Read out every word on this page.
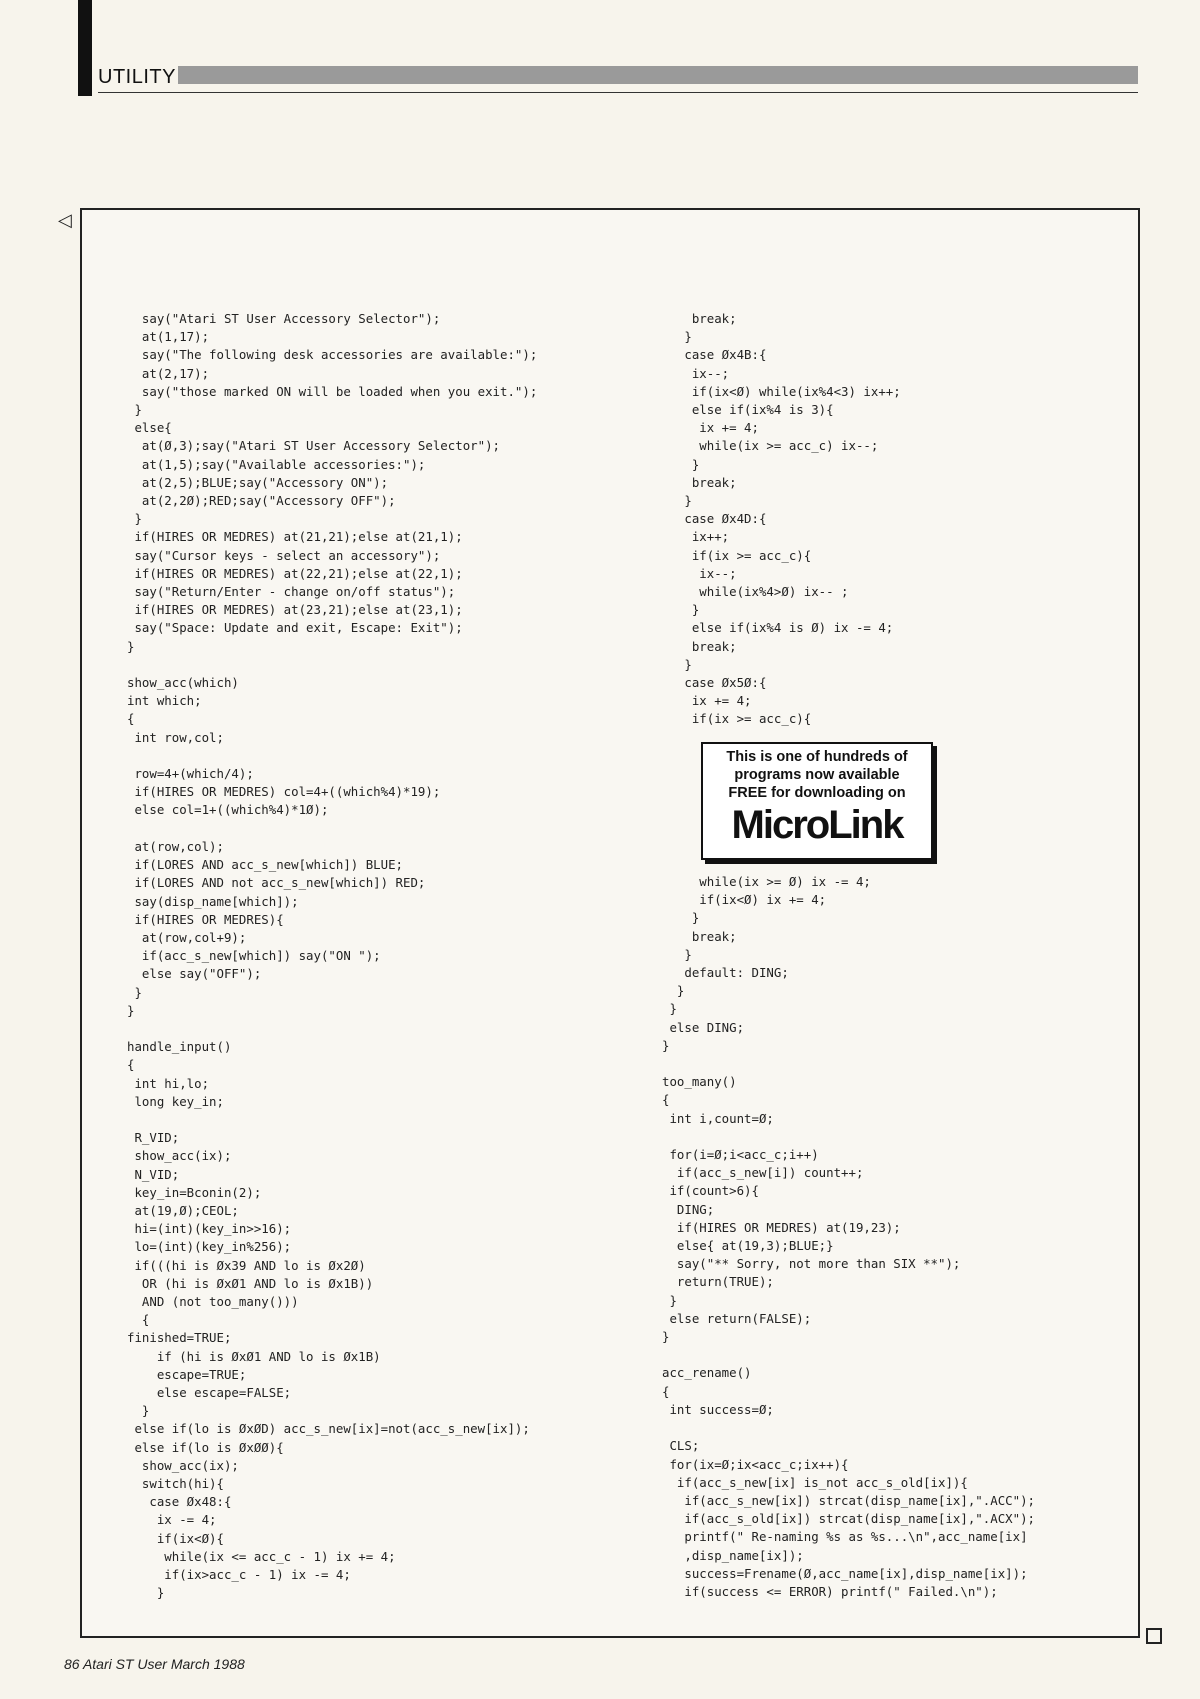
UTILITY
◁
say("Atari ST User Accessory Selector");
at(1,17);
say("The following desk accessories are available:");
at(2,17);
say("those marked ON will be loaded when you exit.");
}
else{
at(Ø,3);say("Atari ST User Accessory Selector");
at(1,5);say("Available accessories:");
at(2,5);BLUE;say("Accessory ON");
at(2,2Ø);RED;say("Accessory OFF");
}
if(HIRES OR MEDRES) at(21,21);else at(21,1);
say("Cursor keys - select an accessory");
if(HIRES OR MEDRES) at(22,21);else at(22,1);
say("Return/Enter - change on/off status");
if(HIRES OR MEDRES) at(23,21);else at(23,1);
say("Space: Update and exit, Escape: Exit");
}

show_acc(which)
int which;
{
int row,col;

row=4+(which/4);
if(HIRES OR MEDRES) col=4+((which%4)*19);
else col=1+((which%4)*1Ø);

at(row,col);
if(LORES AND acc_s_new[which]) BLUE;
if(LORES AND not acc_s_new[which]) RED;
say(disp_name[which]);
if(HIRES OR MEDRES){
at(row,col+9);
if(acc_s_new[which]) say("ON ");
else say("OFF");
}
}

handle_input()
{
int hi,lo;
long key_in;

R_VID;
show_acc(ix);
N_VID;
key_in=Bconin(2);
at(19,Ø);CEOL;
hi=(int)(key_in>>16);
lo=(int)(key_in%256);
if(((hi is Øx39 AND lo is Øx2Ø)
OR (hi is ØxØ1 AND lo is Øx1B))
AND (not too_many()))
{
finished=TRUE;
if (hi is ØxØ1 AND lo is Øx1B)
escape=TRUE;
else escape=FALSE;
}
else if(lo is ØxØD) acc_s_new[ix]=not(acc_s_new[ix]);
else if(lo is ØxØØ){
show_acc(ix);
switch(hi){
case Øx48:{
ix -= 4;
if(ix<Ø){
while(ix <= acc_c - 1) ix += 4;
if(ix>acc_c - 1) ix -= 4;
}
break;
}
case Øx4B:{
ix--;
if(ix<Ø) while(ix%4<3) ix++;
else if(ix%4 is 3){
ix += 4;
while(ix >= acc_c) ix--;
}
break;
}
case Øx4D:{
ix++;
if(ix >= acc_c){
ix--;
while(ix%4>Ø) ix-- ;
}
else if(ix%4 is Ø) ix -= 4;
break;
}
case Øx5Ø:{
ix += 4;
if(ix >= acc_c){
This is one of hundreds of
programs now available
FREE for downloading on
MicroLink
while(ix >= Ø) ix -= 4;
if(ix<Ø) ix += 4;
}
break;
}
default: DING;
}
}
else DING;
}

too_many()
{
int i,count=Ø;

for(i=Ø;i<acc_c;i++)
if(acc_s_new[i]) count++;
if(count>6){
DING;
if(HIRES OR MEDRES) at(19,23);
else{ at(19,3);BLUE;}
say("** Sorry, not more than SIX **");
return(TRUE);
}
else return(FALSE);
}

acc_rename()
{
int success=Ø;

CLS;
for(ix=Ø;ix<acc_c;ix++){
if(acc_s_new[ix] is_not acc_s_old[ix]){
if(acc_s_new[ix]) strcat(disp_name[ix],".ACC");
if(acc_s_old[ix]) strcat(disp_name[ix],".ACX");
printf(" Re-naming %s as %s...\n",acc_name[ix]
,disp_name[ix]);
success=Frename(Ø,acc_name[ix],disp_name[ix]);
if(success <= ERROR) printf(" Failed.\n");
86 Atari ST User March 1988
